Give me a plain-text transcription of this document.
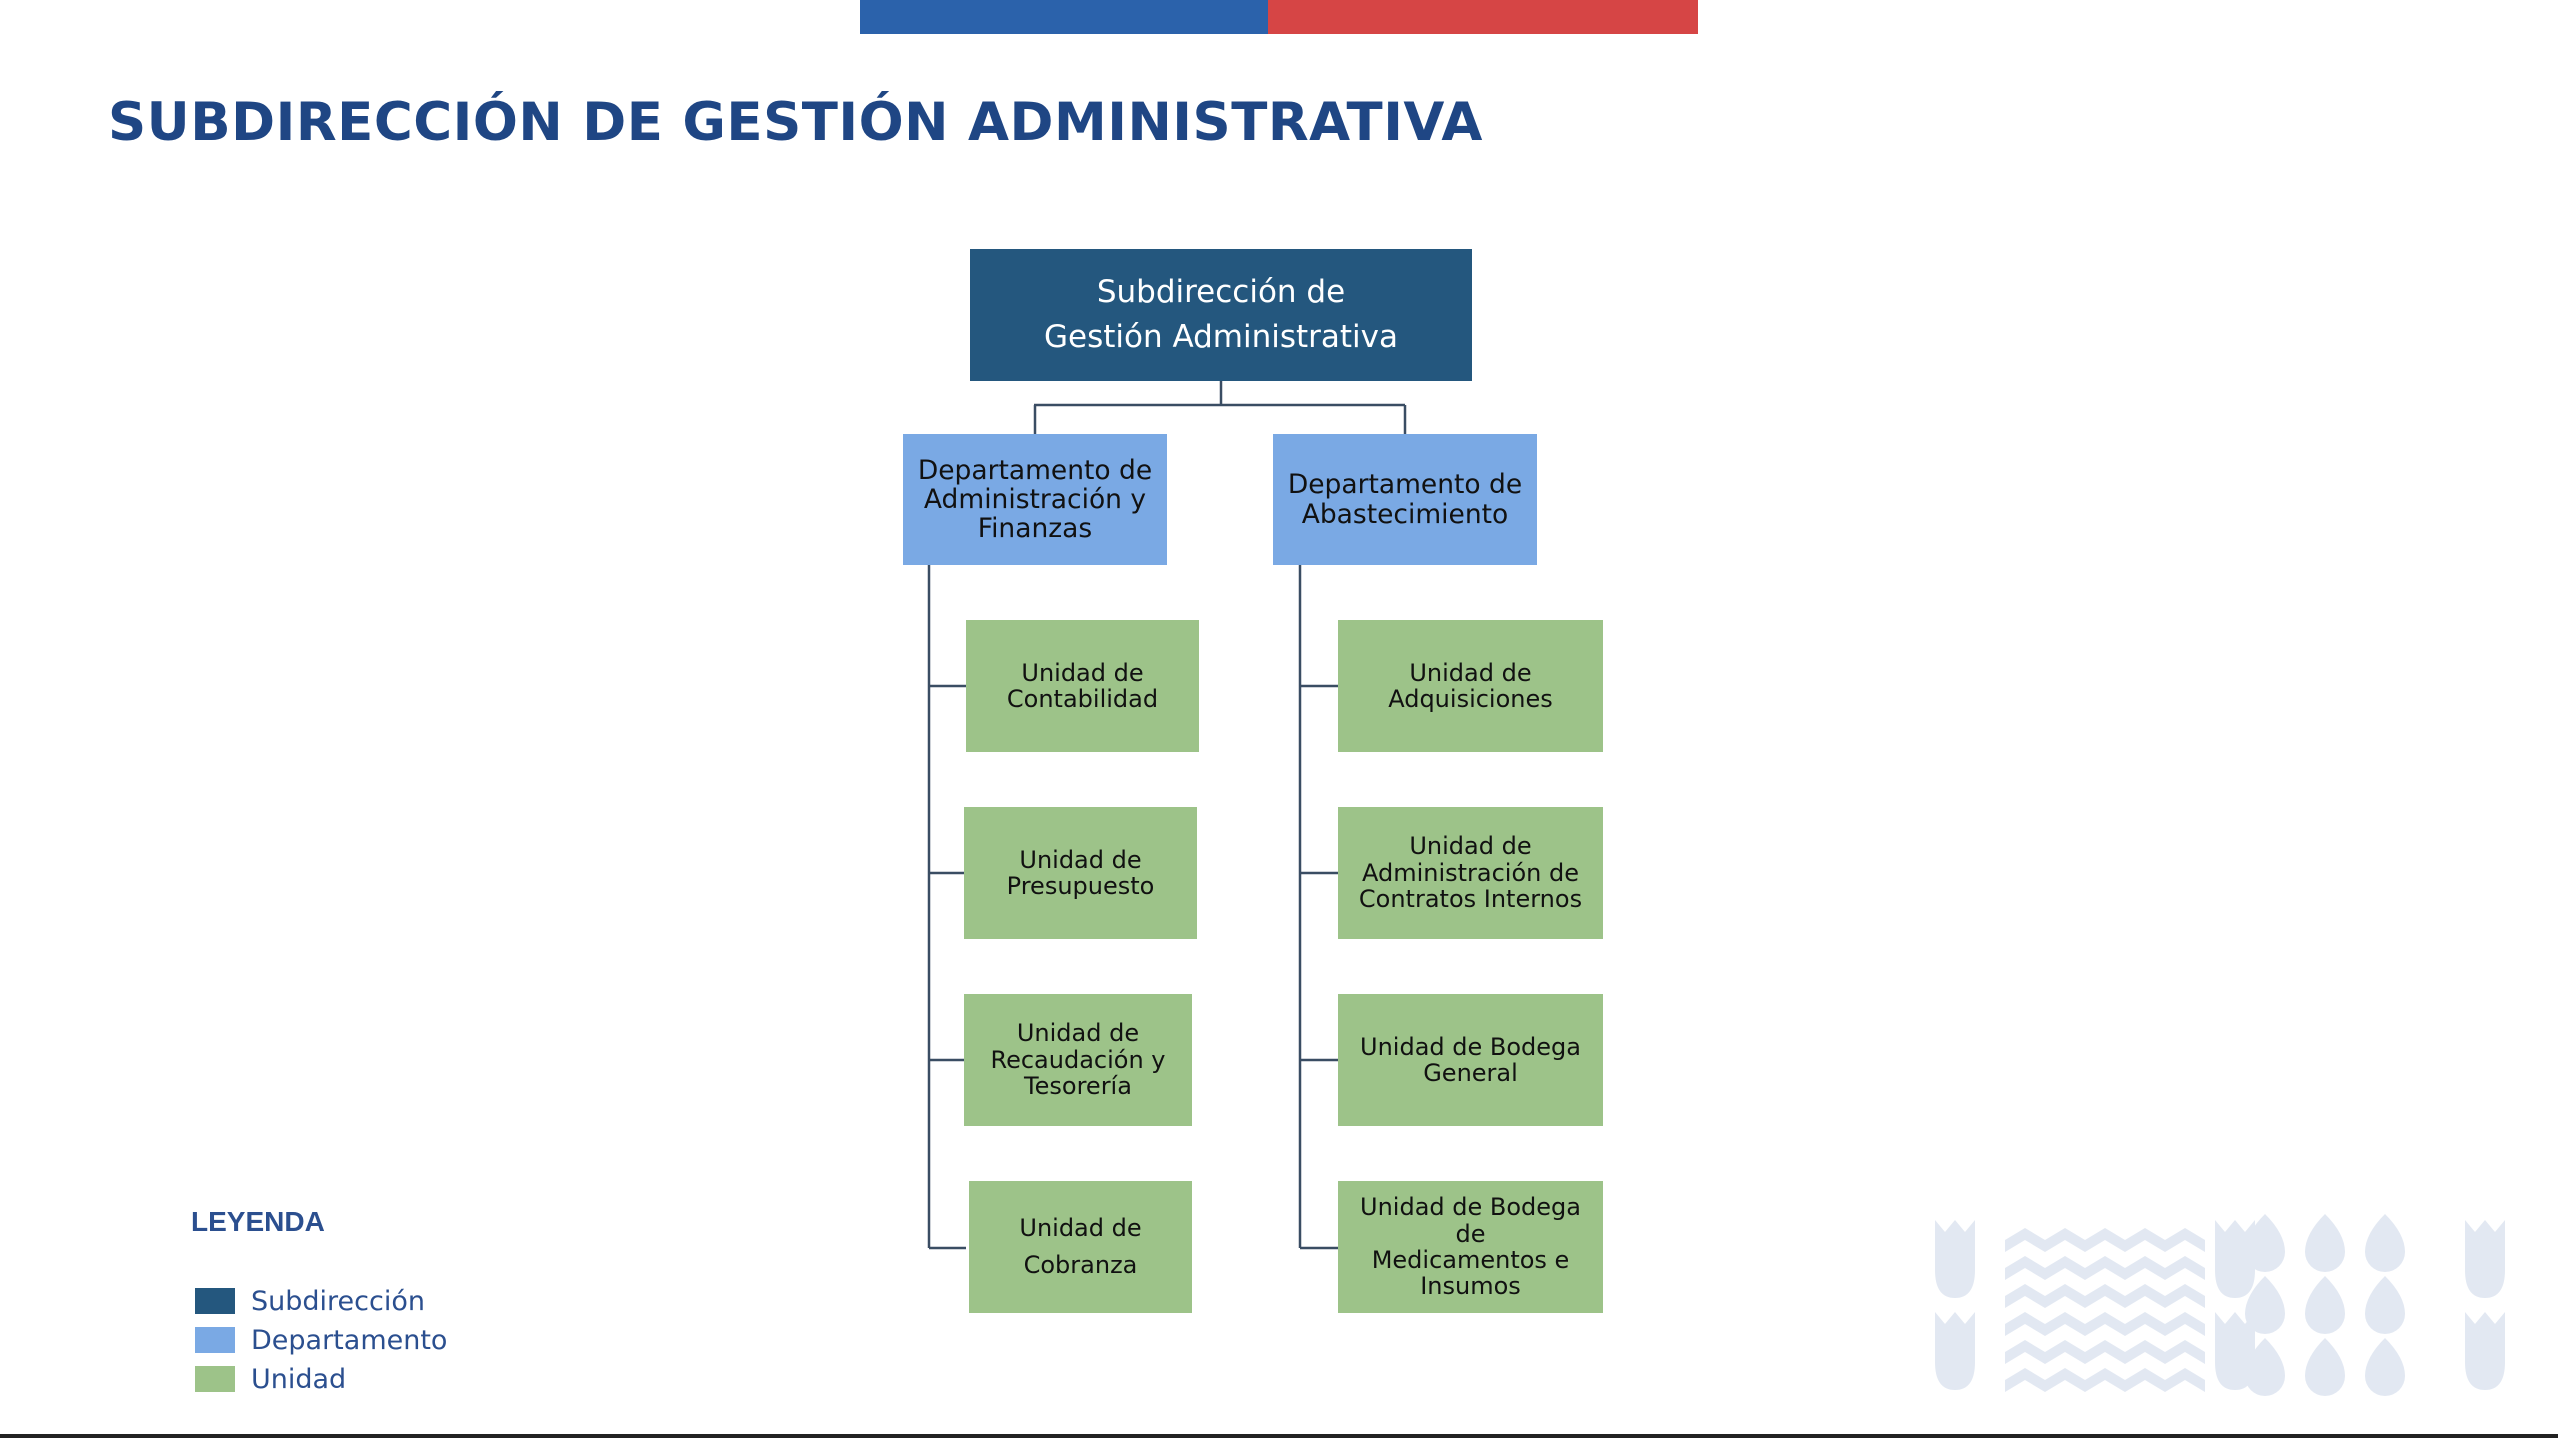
SUBDIRECCIÓN DE GESTIÓN ADMINISTRATIVA
Subdirección de
Gestión Administrativa
Departamento de
Administración y
Finanzas
Departamento de
Abastecimiento
Unidad de
Contabilidad
Unidad de
Presupuesto
Unidad de
Recaudación y
Tesorería
Unidad de
Cobranza
Unidad de
Adquisiciones
Unidad de
Administración de
Contratos Internos
Unidad de Bodega
General
Unidad de Bodega de
Medicamentos e
Insumos
LEYENDA
Subdirección
Departamento
Unidad
